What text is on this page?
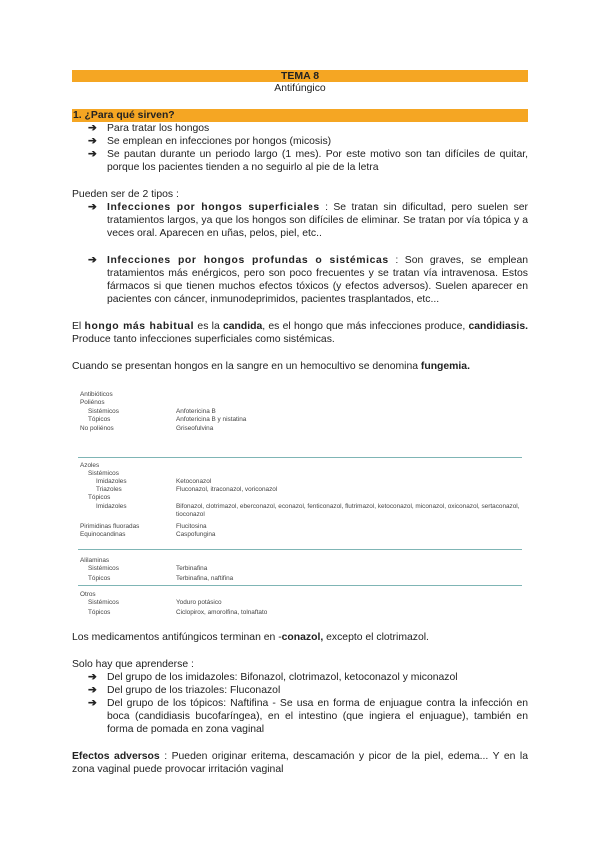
TEMA 8
Antifúngico
1. ¿Para qué sirven?
➔ Para tratar los hongos
➔ Se emplean en infecciones por hongos (micosis)
➔ Se pautan durante un periodo largo (1 mes). Por este motivo son tan difíciles de quitar, porque los pacientes tienden a no seguirlo al pie de la letra

Pueden ser de 2 tipos :

➔ Infecciones por hongos superficiales : Se tratan sin dificultad, pero suelen ser tratamientos largos, ya que los hongos son difíciles de eliminar. Se tratan por vía tópica y a veces oral. Aparecen en uñas, pelos, piel, etc..
➔ Infecciones por hongos profundas o sistémicas : Son graves, se emplean tratamientos más enérgicos, pero son poco frecuentes y se tratan vía intravenosa. Estos fármacos si que tienen muchos efectos tóxicos (y efectos adversos). Suelen aparecer en pacientes con cáncer, inmunodeprimidos, pacientes trasplantados, etc...

El hongo más habitual es la candida, es el hongo que más infecciones produce, candidiasis. Produce tanto infecciones superficiales como sistémicas.

Cuando se presentan hongos en la sangre en un hemocultivo se denomina fungemia.

Antibióticos
Poliénos
Sistémicos	Anfotericina B
Tópicos	Anfotericina B y nistatina
No poliénos	Griseofulvina
Azoles
Sistémicos
Imidazoles	Ketoconazol
Triazoles	Fluconazol, itraconazol, voriconazol
Tópicos
Imidazoles	Bifonazol, clotrimazol, eberconazol, econazol, fenticonazol, flutrimazol, ketoconazol, miconazol, oxiconazol, sertaconazol, tioconazol
Pirimidinas fluoradas	Flucitosina
Equinocandinas	Caspofungina
Alilaminas
Sistémicos	Terbinafina
Tópicos	Terbinafina, naftifina
Otros
Sistémicos	Yoduro potásico
Tópicos	Ciclopirox, amorolfina, tolnaftato

Los medicamentos antifúngicos terminan en -conazol, excepto el clotrimazol.

Solo hay que aprenderse :

➔ Del grupo de los imidazoles: Bifonazol, clotrimazol, ketoconazol y miconazol
➔ Del grupo de los triazoles: Fluconazol
➔ Del grupo de los tópicos: Naftifina - Se usa en forma de enjuague contra la infección en boca (candidiasis bucofaríngea), en el intestino (que ingiera el enjuague), también en forma de pomada en zona vaginal

Efectos adversos : Pueden originar eritema, descamación y picor de la piel, edema... Y en la zona vaginal puede provocar irritación vaginal
